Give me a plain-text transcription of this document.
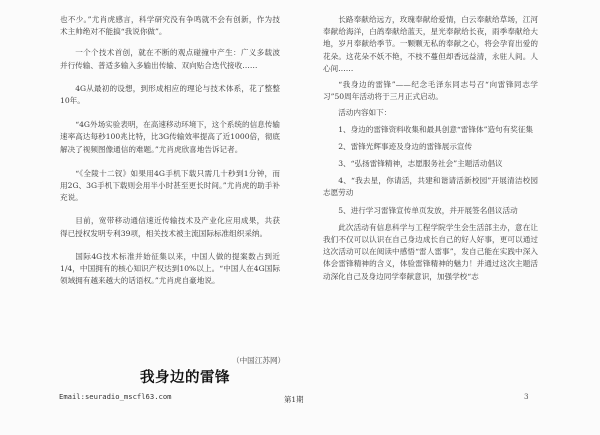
也不少。”尤肖虎感言，科学研究没有争鸣就不会有创新，作为技术主帅绝对不能搞“我说你做”。

一个个技术首创，就在不断的观点碰撞中产生：广义多载波并行传输、普适多输入多输出传输、双向贴合迭代接收……

4G从最初的设想，到形成相应的理论与技术体系，花了整整10年。

“4G外场实验表明，在高速移动环境下，这个系统的信息传输速率高达每秒100兆比特，比3G传输效率提高了近1000倍，彻底解决了视频图像通信的难题。”尤肖虎欣喜地告诉记者。

“《全陵十二钗》如果用4G手机下载只需几十秒到1分钟，而用2G、3G手机下载则会用半小时甚至更长时间。”尤肖虎的助手补充说。

目前，宽带移动通信速近传输技术及产业化应用成果，共获得已授权发明专利39项，相关技术被主流国际标准组织采纳。

国际4G技术标准并始征集以来，中国人做的提案数占到近1/4，中国拥有的核心知识产权达到10%以上。“中国人在4G国际领域拥有越来越大的话语权。”尤肖虎自豪地说。

（中国江苏网）
我身边的雷锋
Email:seuradio_mscfl63.com

长路奉献给远方，玫瑰奉献给爱情，白云奉献给草场，江河奉献给海洋，白鸽奉献给蓝天，星光奉献给长夜，雨季奉献给大地，岁月奉献给季节。一颗颗无私的奉献之心，将会孕育出爱的花朵。这花朵不妖不艳，不枝不蔓但却香远益清，永驻人间。人心间……

“我身边的雷锋”——纪念毛泽东同志号召“向雷锋同志学习”50周年活动将于三月正式启动。

活动内容如下：

1、身边的雷锋资料收集和最具创意“雷锋体”造句有奖征集

2、雷锋光辉事迹及身边的雷锋展示宣传

3、“弘扬雷锋精神，志愿服务社会”主题活动倡议

4、“我去星，你请活，共建和谐请活新校园”开展清洁校园志愿劳动

5、进行学习雷锋宣传单页发放，并开展签名倡议活动

此次活动有信息科学与工程学院学生会生活部主办，意在让我们不仅可以认识在自己身边成长自己的好人好事，更可以通过这次活动可以在阅读中感悟“雷人雷事”，发自己能在实践中深入体会雷锋精神的含义，体验雷锋精神的魅力！并通过这次主题活动深化自己及身边同学奉献意识，加强学校“志

第1期	3
